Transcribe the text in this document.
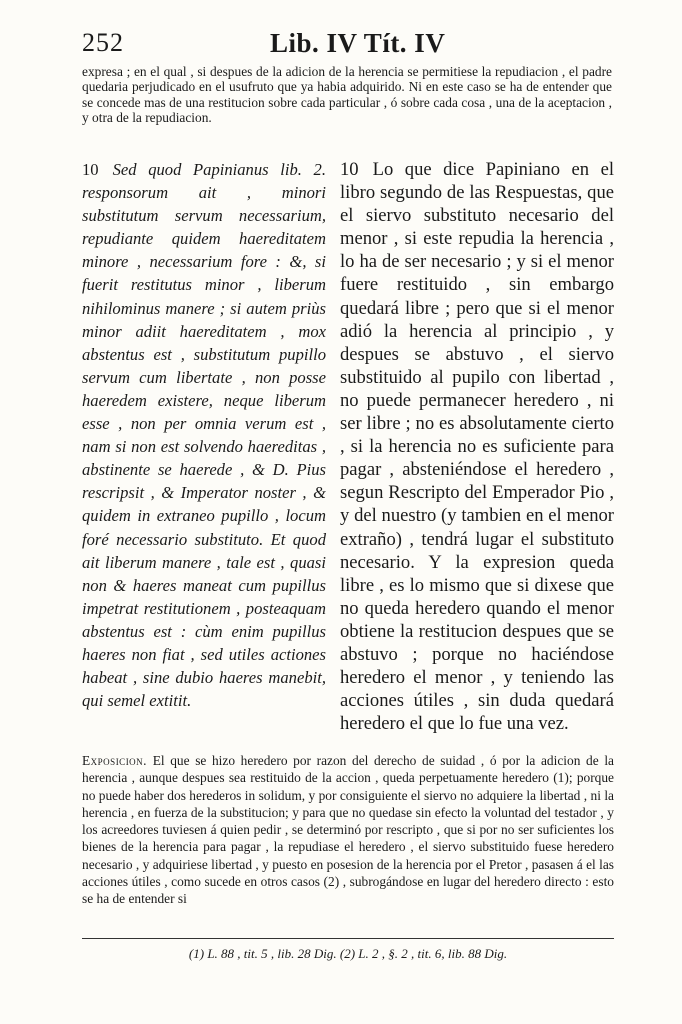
252	Lib. IV Tít. IV
expresa ; en el qual , si despues de la adicion de la herencia se permitiese la repudiacion , el padre quedaria perjudicado en el usufruto que ya habia adquirido. Ni en este caso se ha de entender que se concede mas de una restitucion sobre cada particular , ó sobre cada cosa , una de la aceptacion , y otra de la repudiacion.
10 Sed quod Papinianus lib. 2. responsorum ait , minori substitutum servum necessarium, repudiante quidem haereditatem minore , necessarium fore : &, si fuerit restitutus minor , liberum nihilominus manere ; si autem priùs minor adiit haereditatem , mox abstentus est , substitutum pupillo servum cum libertate , non posse haeredem existere, neque liberum esse , non per omnia verum est , nam si non est solvendo haereditas , abstinente se haerede , & D. Pius rescripsit , & Imperator noster , & quidem in extraneo pupillo , locum foré necessario substituto. Et quod ait liberum manere , tale est , quasi non & haeres maneat cum pupillus impetrat restitutionem , posteaquam abstentus est : cùm enim pupillus haeres non fiat , sed utiles actiones habeat , sine dubio haeres manebit, qui semel extitit.
10 Lo que dice Papiniano en el libro segundo de las Respuestas, que el siervo substituto necesario del menor , si este repudia la herencia , lo ha de ser necesario ; y si el menor fuere restituido , sin embargo quedará libre ; pero que si el menor adió la herencia al principio , y despues se abstuvo , el siervo substituido al pupilo con libertad , no puede permanecer heredero , ni ser libre ; no es absolutamente cierto , si la herencia no es suficiente para pagar , absteniéndose el heredero , segun Rescripto del Emperador Pio , y del nuestro (y tambien en el menor extraño) , tendrá lugar el substituto necesario. Y la expresion queda libre , es lo mismo que si dixese que no queda heredero quando el menor obtiene la restitucion despues que se abstuvo ; porque no haciéndose heredero el menor , y teniendo las acciones útiles , sin duda quedará heredero el que lo fue una vez.
Exposicion. El que se hizo heredero por razon del derecho de suidad , ó por la adicion de la herencia , aunque despues sea restituido de la accion , queda perpetuamente heredero (1); porque no puede haber dos herederos in solidum, y por consiguiente el siervo no adquiere la libertad , ni la herencia , en fuerza de la substitucion; y para que no quedase sin efecto la voluntad del testador , y los acreedores tuviesen á quien pedir , se determinó por rescripto , que si por no ser suficientes los bienes de la herencia para pagar , la repudiase el heredero , el siervo substituido fuese heredero necesario , y adquiriese libertad , y puesto en posesion de la herencia por el Pretor , pasasen á el las acciones útiles , como sucede en otros casos (2) , subrogándose en lugar del heredero directo : esto se ha de entender si
(1) L. 88 , tit. 5 , lib. 28 Dig. (2) L. 2 , §. 2 , tit. 6, lib. 88 Dig.
